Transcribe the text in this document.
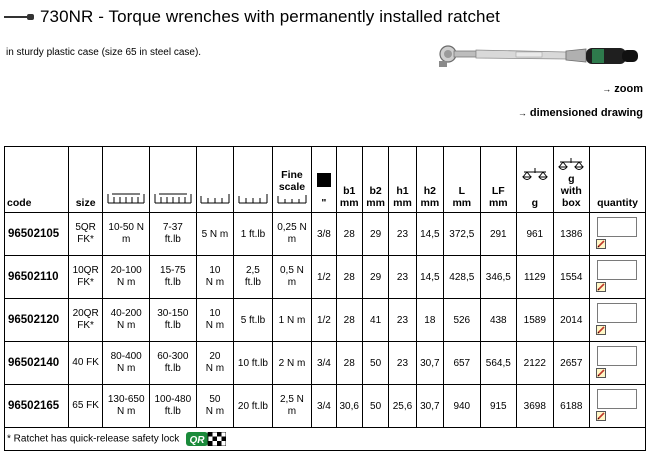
730NR - Torque wrenches with permanently installed ratchet
in sturdy plastic case (size 65 in steel case).
→ zoom
→ dimensioned drawing
code	size					Fine
scale	"	b1
mm	b2
mm	h1
mm	h2
mm	L
mm	LF
mm	g	g
with
box	quantity
96502105	5QR
FK*	10-50 N
m	7-37
ft.lb	5 N m	1 ft.lb	0,25 N
m	3/8	28	29	23	14,5	372,5	291	961	1386	

96502110	10QR
FK*	20-100
N m	15-75
ft.lb	10
N m	2,5
ft.lb	0,5 N
m	1/2	28	29	23	14,5	428,5	346,5	1129	1554	

96502120	20QR
FK*	40-200
N m	30-150
ft.lb	10
N m	5 ft.lb	1 N m	1/2	28	41	23	18	526	438	1589	2014	

96502140	40 FK	80-400
N m	60-300
ft.lb	20
N m	10 ft.lb	2 N m	3/4	28	50	23	30,7	657	564,5	2122	2657	

96502165	65 FK	130-650
N m	100-480
ft.lb	50
N m	20 ft.lb	2,5 N
m	3/4	30,6	50	25,6	30,7	940	915	3698	6188	

* Ratchet has quick-release safety lock QR																
